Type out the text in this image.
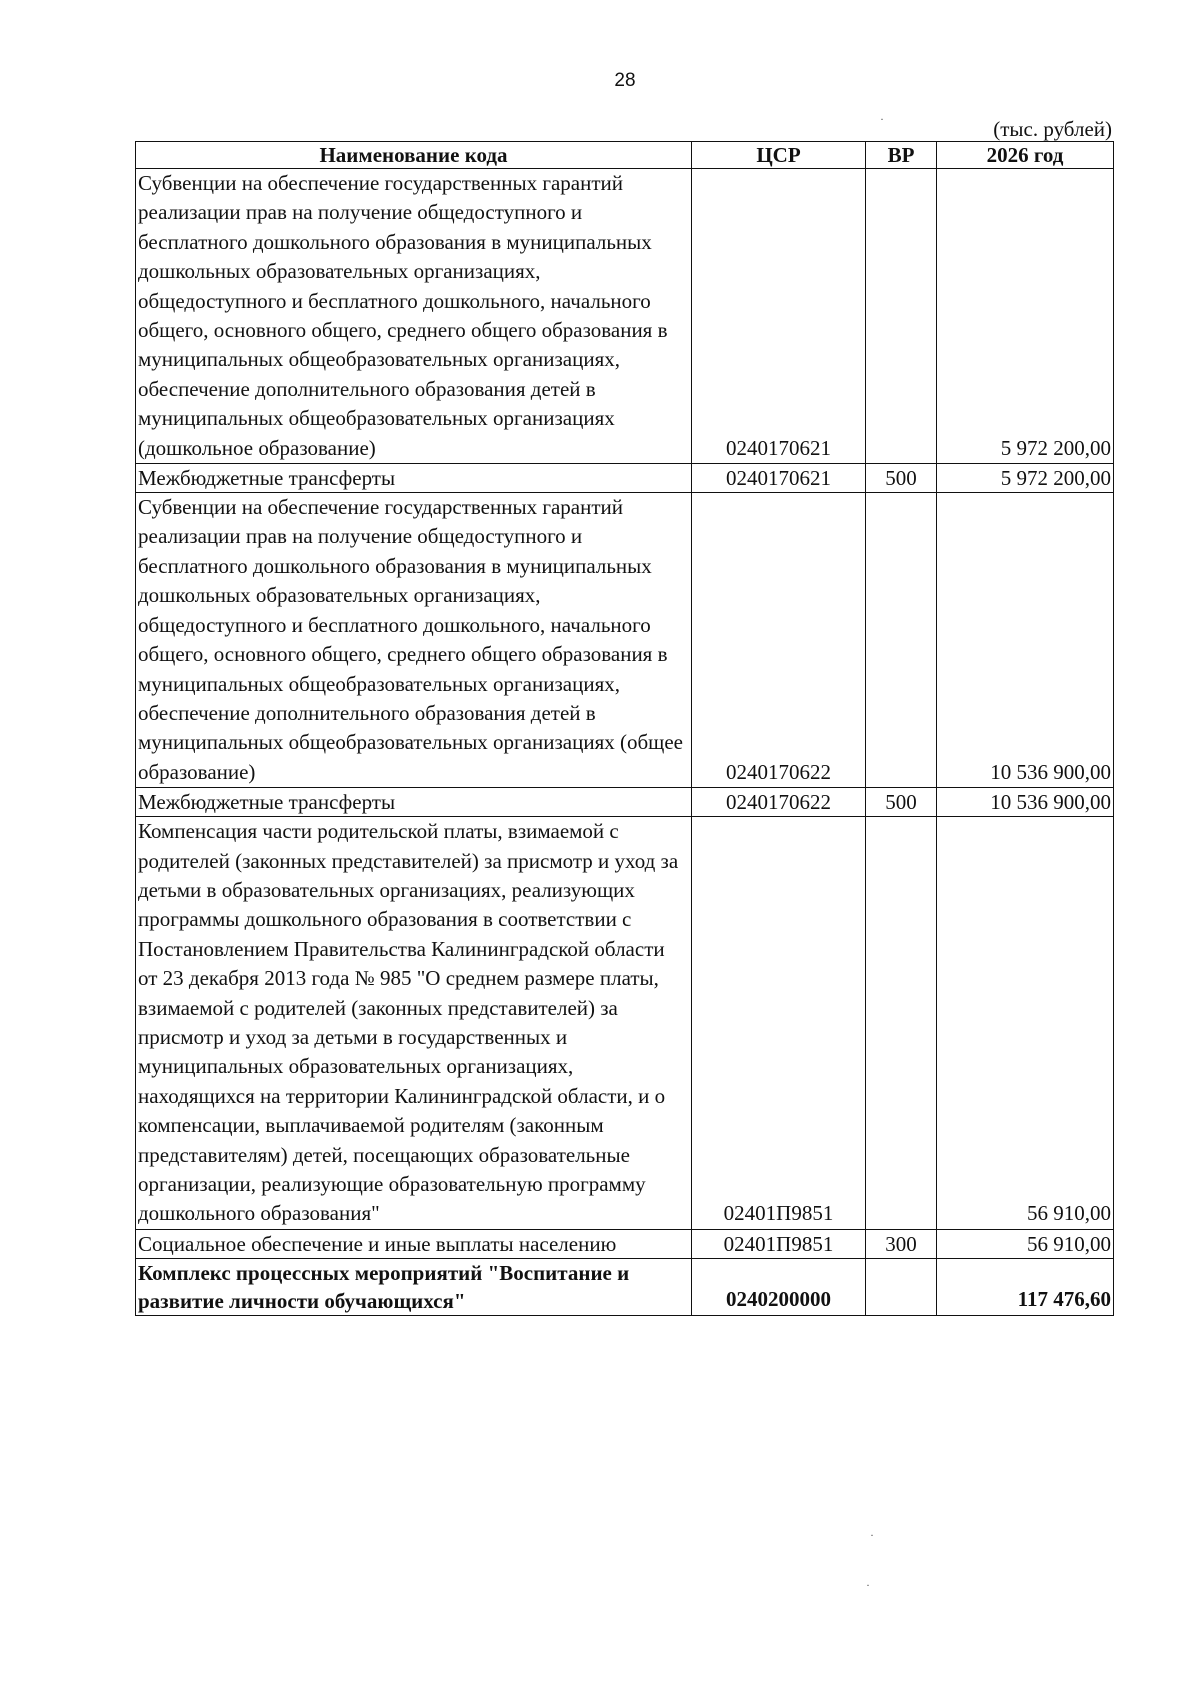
28
(тыс. рублей)
Наименование кода	ЦСР	ВР	2026 год
Субвенции на обеспечение государственных гарантий реализации прав на получение общедоступного и бесплатного дошкольного образования в муниципальных дошкольных образовательных организациях, общедоступного и бесплатного дошкольного, начального общего, основного общего, среднего общего образования в муниципальных общеобразовательных организациях, обеспечение дополнительного образования детей в муниципальных общеобразовательных организациях (дошкольное образование)	0240170621		5 972 200,00
Межбюджетные трансферты	0240170621	500	5 972 200,00
Субвенции на обеспечение государственных гарантий реализации прав на получение общедоступного и бесплатного дошкольного образования в муниципальных дошкольных образовательных организациях, общедоступного и бесплатного дошкольного, начального общего, основного общего, среднего общего образования в муниципальных общеобразовательных организациях, обеспечение дополнительного образования детей в муниципальных общеобразовательных организациях (общее образование)	0240170622		10 536 900,00
Межбюджетные трансферты	0240170622	500	10 536 900,00
Компенсация части родительской платы, взимаемой с родителей (законных представителей) за присмотр и уход за детьми в образовательных организациях, реализующих программы дошкольного образования в соответствии с Постановлением Правительства Калининградской области от 23 декабря 2013 года № 985 "О среднем размере платы, взимаемой с родителей (законных представителей) за присмотр и уход за детьми в государственных и муниципальных образовательных организациях, находящихся на территории Калининградской области, и о компенсации, выплачиваемой родителям (законным представителям) детей, посещающих образовательные организации, реализующие образовательную программу дошкольного образования"	02401П9851		56 910,00
Социальное обеспечение и иные выплаты населению	02401П9851	300	56 910,00
Комплекс процессных мероприятий "Воспитание и развитие личности обучающихся"	0240200000		117 476,60
·
·
·
